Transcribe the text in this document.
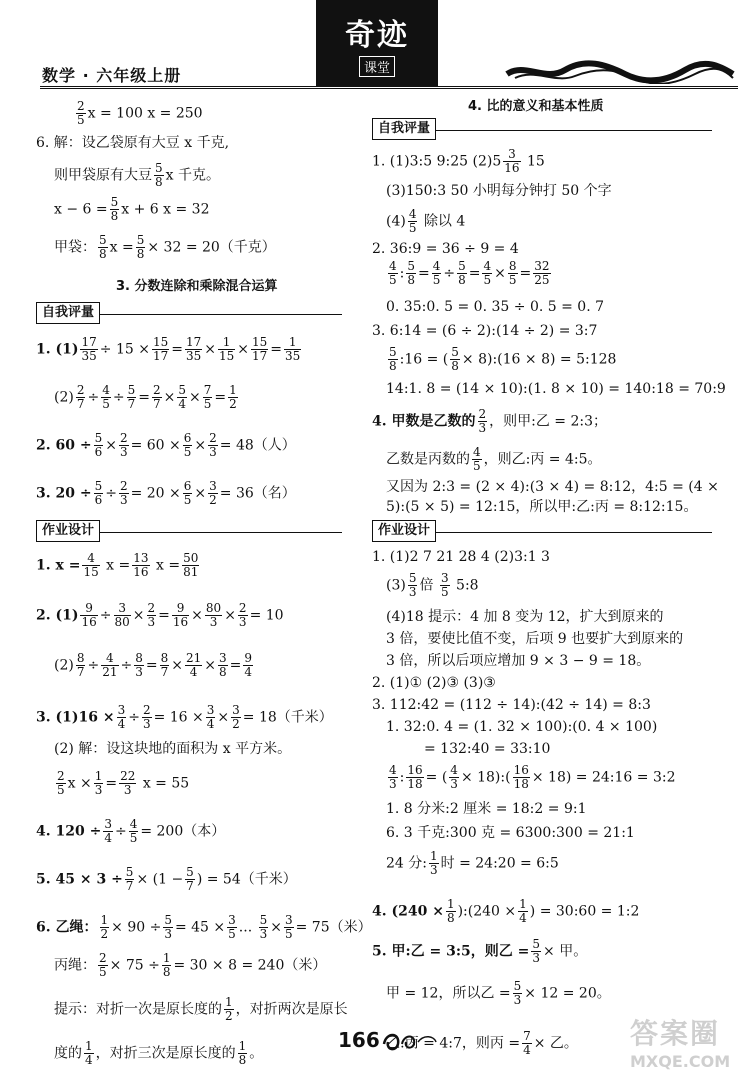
数学 · 六年级上册
奇迹
课堂
$\frac{2}{5}$ x = 100 x = 250
6. 解：设乙袋原有大豆 x 千克,
则甲袋原有大豆 $\frac{5}{8}$ x 千克。
$x - 6 = \frac{5}{8}$ x + 6 x = 32
甲袋： $\frac{5}{8}$ $x = \frac{5}{8} \times 32 = 20$（千克）
3. 分数连除和乘除混合运算
自我评量
1. $(1) \frac{17}{35} \div 15 \times \frac{15}{17} = \frac{17}{35} \times \frac{1}{15} \times \frac{15}{17} = \frac{1}{35}$
$(2) \frac{2}{7} \div \frac{4}{5} \div \frac{5}{7} = \frac{2}{7} \times \frac{5}{4} \times \frac{7}{5} = \frac{1}{2}$
2. $60 \div \frac{5}{6} \times \frac{2}{3} = 60 \times \frac{6}{5} \times \frac{2}{3} = 48$（人）
3. $20 \div \frac{5}{6} \div \frac{2}{3} = 20 \times \frac{6}{5} \times \frac{3}{2} = 36$（名）
作业设计
1. $x = \frac{4}{15}$ $x = \frac{13}{16}$ $x = \frac{50}{81}$
2. $(1) \frac{9}{16} \div \frac{3}{80} \times \frac{2}{3} = \frac{9}{16} \times \frac{80}{3} \times \frac{2}{3} = 10$
$(2) \frac{8}{7} \div \frac{4}{21} \div \frac{8}{3} = \frac{8}{7} \times \frac{21}{4} \times \frac{3}{8} = \frac{9}{4}$
3. $(1)16 \times \frac{3}{4} \div \frac{2}{3} = 16 \times \frac{3}{4} \times \frac{3}{2} = 18$（千米）
(2) 解：设这块地的面积为 x 平方米。
$\frac{2}{5}$ $x \times \frac{1}{3} = \frac{22}{3}$ x = 55
4. $120 \div \frac{3}{4} \div \frac{4}{5} = 200$（本）
5. $45 \times 3 \div \frac{5}{7} \times (1 - \frac{5}{7}$ ) = 54（千米）
6. 乙绳： $\frac{1}{2} \times 90 \div \frac{5}{3} = 45 \times \frac{3}{5}$ ... $\frac{5}{3} \times \frac{3}{5} = 75$（米）
丙绳： $\frac{2}{5} \times 75 \div \frac{1}{8} = 30 \times 8 = 240$（米）
提示：对折一次是原长度的 $\frac{1}{2}$ ，对折两次是原长
度的 $\frac{1}{4}$ ，对折三次是原长度的 $\frac{1}{8}$ 。
4. 比的意义和基本性质
自我评量
1. (1)3:5 9:25 $(2)5 \frac{3}{16} 15$
(3)150:3 50 小明每分钟打 50 个字
$(4) \frac{4}{5}$ 除以 4
2. 36:9 = 36 ÷ 9 = 4
$\frac{4}{5}$ : $\frac{5}{8} = \frac{4}{5} \div \frac{5}{8} = \frac{4}{5} \times \frac{8}{5} = \frac{32}{25}$
0. 35:0. 5 = 0. 35 ÷ 0. 5 = 0. 7
3. 6:14 = (6 ÷ 2):(14 ÷ 2) = 3:7
$\frac{5}{8}$ :16 = ( $\frac{5}{8}$ × 8):(16 × 8) = 5:128
14:1. 8 = (14 × 10):(1. 8 × 10) = 140:18 = 70:9
4. 甲数是乙数的 $\frac{2}{3}$ ，则甲:乙 = 2:3；
乙数是丙数的 $\frac{4}{5}$ ，则乙:丙 = 4:5。
又因为 2:3 = (2 × 4):(3 × 4) = 8:12，4:5 = (4 ×
5):(5 × 5) = 12:15，所以甲:乙:丙 = 8:12:15。
作业设计
1. (1)2 7 21 28 4 (2)3:1 3
$(3) \frac{5}{3}$ 倍 $\frac{3}{5}$ 5:8
(4)18 提示：4 加 8 变为 12，扩大到原来的
3 倍，要使比值不变，后项 9 也要扩大到原来的
3 倍，所以后项应增加 9 × 3 − 9 = 18。
2. (1)① (2)③ (3)③
3. 112:42 = (112 ÷ 14):(42 ÷ 14) = 8:3
1. 32:0. 4 = (1. 32 × 100):(0. 4 × 100)
= 132:40 = 33:10
$\frac{4}{3}$ : $\frac{16}{18}$ = ( $\frac{4}{3}$ × 18):( $\frac{16}{18} \times 18$) = 24:16 = 3:2
1. 8 分米:2 厘米 = 18:2 = 9:1
6. 3 千克:300 克 = 6300:300 = 21:1
24 分: $\frac{1}{3}$ 时 = 24:20 = 6:5
4. ($240 \times \frac{1}{8}$ ):(240 × $\frac{1}{4}$ ) = 30:60 = 1:2
5. 甲:乙 = 3:5，则乙 = $\frac{5}{3}$ × 甲。
甲 = 12，所以乙 = $\frac{5}{3} \times 12 = 20$。
乙:丙 = 4:7，则丙 = $\frac{7}{4}$ × 乙。
166	答案圈
MXQE.COM
